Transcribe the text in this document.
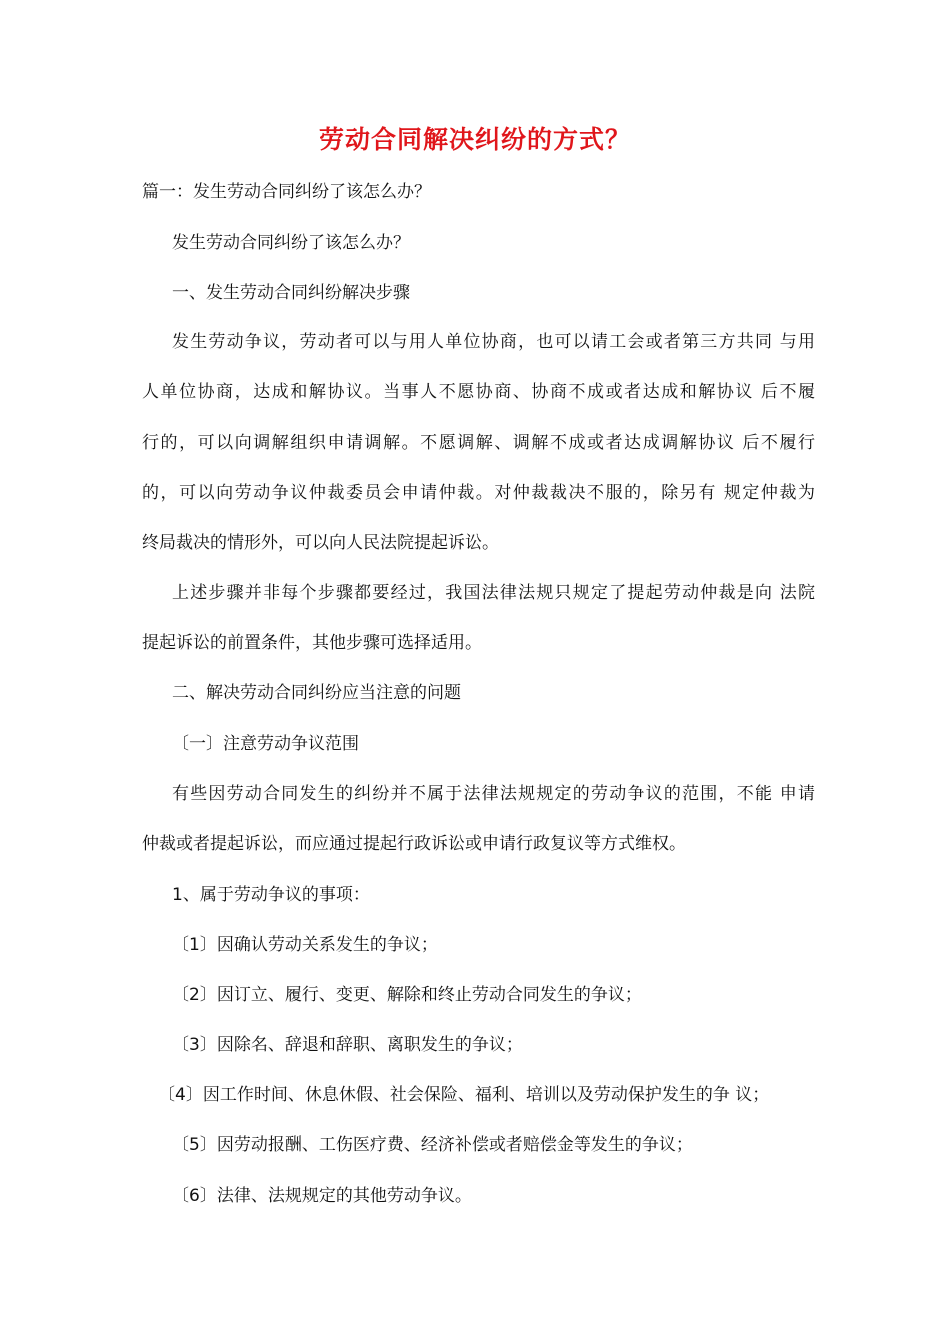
劳动合同解决纠纷的方式？
篇一：发生劳动合同纠纷了该怎么办？
发生劳动合同纠纷了该怎么办？
一、发生劳动合同纠纷解决步骤
发生劳动争议，劳动者可以与用人单位协商，也可以请工会或者第三方共同 与用
人单位协商，达成和解协议。当事人不愿协商、协商不成或者达成和解协议 后不履
行的，可以向调解组织申请调解。不愿调解、调解不成或者达成调解协议 后不履行
的，可以向劳动争议仲裁委员会申请仲裁。对仲裁裁决不服的，除另有 规定仲裁为
终局裁决的情形外，可以向人民法院提起诉讼。
上述步骤并非每个步骤都要经过，我国法律法规只规定了提起劳动仲裁是向 法院
提起诉讼的前置条件，其他步骤可选择适用。
二、解决劳动合同纠纷应当注意的问题
〔一〕注意劳动争议范围
有些因劳动合同发生的纠纷并不属于法律法规规定的劳动争议的范围，不能 申请
仲裁或者提起诉讼，而应通过提起行政诉讼或申请行政复议等方式维权。
1、属于劳动争议的事项：
〔1〕因确认劳动关系发生的争议；
〔2〕因订立、履行、变更、解除和终止劳动合同发生的争议；
〔3〕因除名、辞退和辞职、离职发生的争议；
〔4〕因工作时间、休息休假、社会保险、福利、培训以及劳动保护发生的争 议；
〔5〕因劳动报酬、工伤医疗费、经济补偿或者赔偿金等发生的争议；
〔6〕法律、法规规定的其他劳动争议。
